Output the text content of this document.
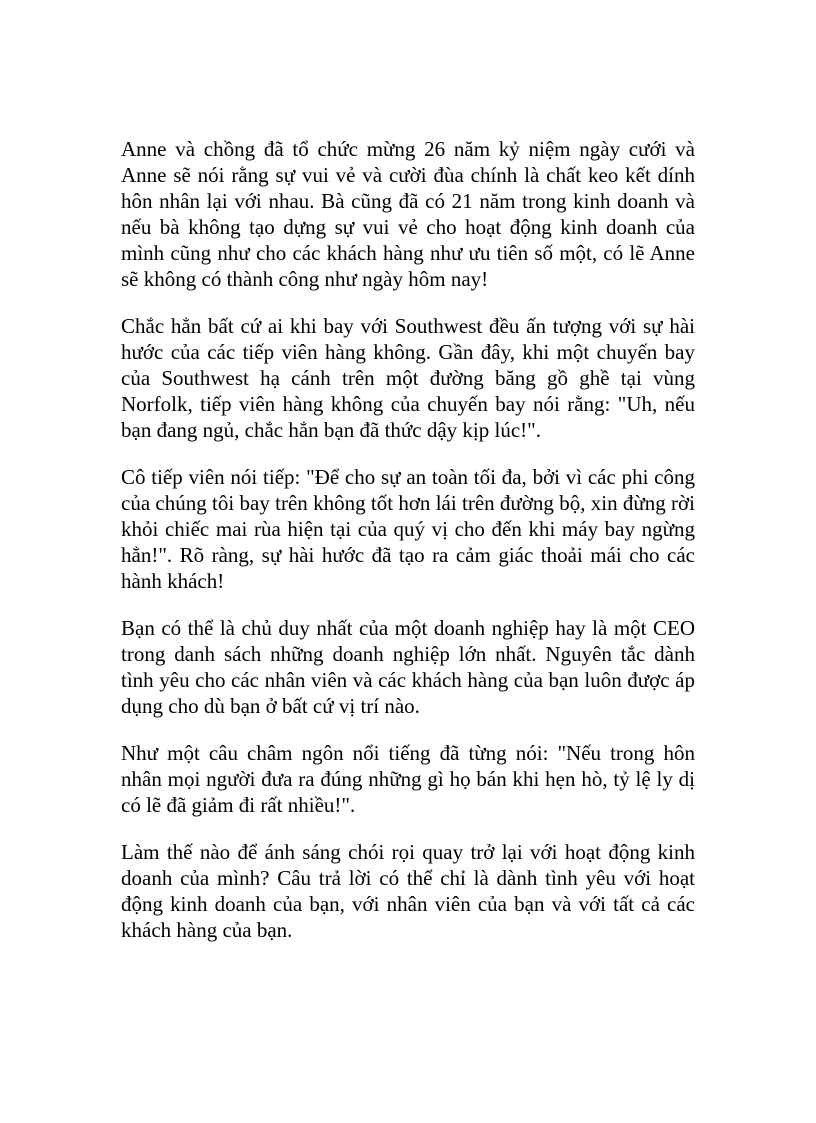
Anne và chồng đã tổ chức mừng 26 năm kỷ niệm ngày cưới và Anne sẽ nói rằng sự vui vẻ và cười đùa chính là chất keo kết dính hôn nhân lại với nhau. Bà cũng đã có 21 năm trong kinh doanh và nếu bà không tạo dựng sự vui vẻ cho hoạt động kinh doanh của mình cũng như cho các khách hàng như ưu tiên số một, có lẽ Anne sẽ không có thành công như ngày hôm nay!

Chắc hẳn bất cứ ai khi bay với Southwest đều ấn tượng với sự hài hước của các tiếp viên hàng không. Gần đây, khi một chuyến bay của Southwest hạ cánh trên một đường băng gồ ghề tại vùng Norfolk, tiếp viên hàng không của chuyến bay nói rằng: "Uh, nếu bạn đang ngủ, chắc hẳn bạn đã thức dậy kịp lúc!".

Cô tiếp viên nói tiếp: "Để cho sự an toàn tối đa, bởi vì các phi công của chúng tôi bay trên không tốt hơn lái trên đường bộ, xin đừng rời khỏi chiếc mai rùa hiện tại của quý vị cho đến khi máy bay ngừng hẳn!". Rõ ràng, sự hài hước đã tạo ra cảm giác thoải mái cho các hành khách!

Bạn có thể là chủ duy nhất của một doanh nghiệp hay là một CEO trong danh sách những doanh nghiệp lớn nhất. Nguyên tắc dành tình yêu cho các nhân viên và các khách hàng của bạn luôn được áp dụng cho dù bạn ở bất cứ vị trí nào.

Như một câu châm ngôn nổi tiếng đã từng nói: "Nếu trong hôn nhân mọi người đưa ra đúng những gì họ bán khi hẹn hò, tỷ lệ ly dị có lẽ đã giảm đi rất nhiều!".

Làm thế nào để ánh sáng chói rọi quay trở lại với hoạt động kinh doanh của mình? Câu trả lời có thể chỉ là dành tình yêu với hoạt động kinh doanh của bạn, với nhân viên của bạn và với tất cả các khách hàng của bạn.
